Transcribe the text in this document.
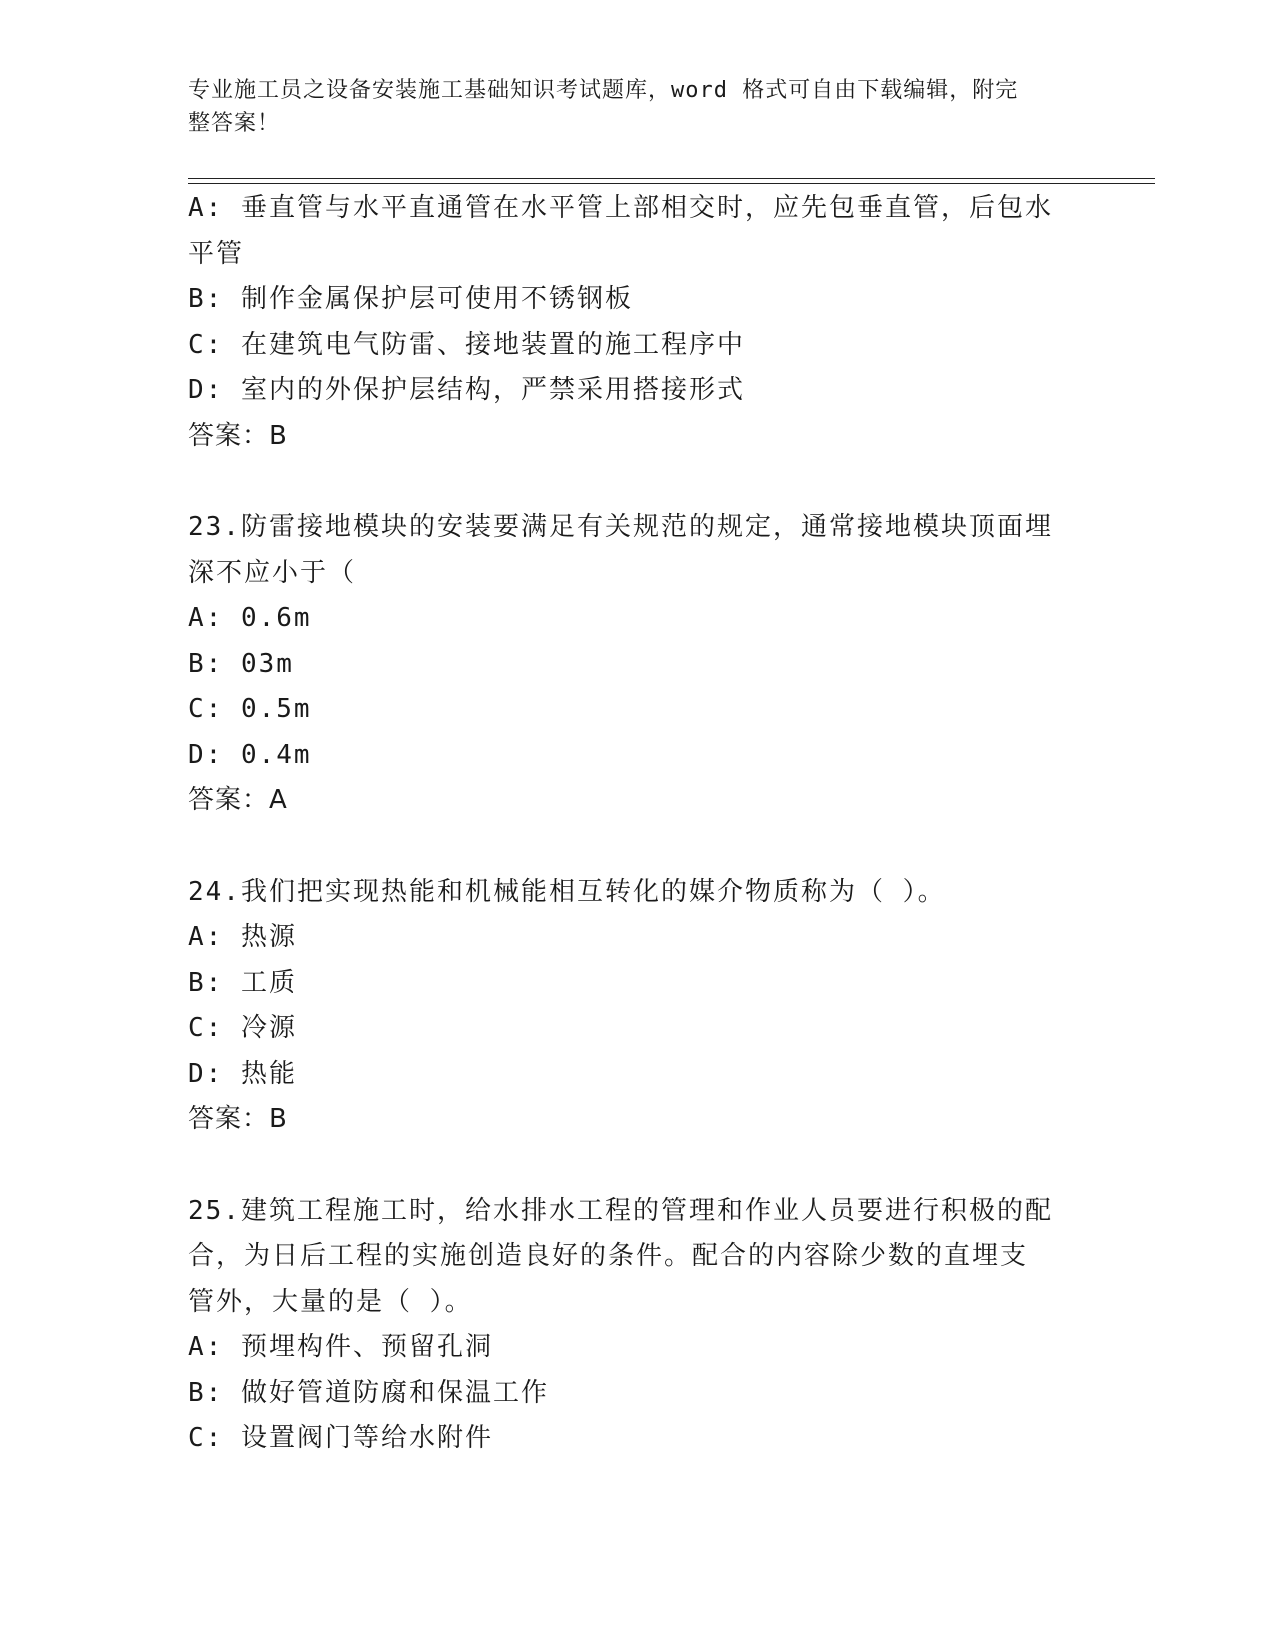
专业施工员之设备安装施工基础知识考试题库，word 格式可自由下载编辑，附完
整答案！

A: 垂直管与水平直通管在水平管上部相交时，应先包垂直管，后包水

平管

B: 制作金属保护层可使用不锈钢板

C: 在建筑电气防雷、接地装置的施工程序中

D: 室内的外保护层结构，严禁采用搭接形式

答案：B

23.防雷接地模块的安装要满足有关规范的规定，通常接地模块顶面埋

深不应小于（

A: 0.6m

B: 03m

C: 0.5m

D: 0.4m

答案：A

24.我们把实现热能和机械能相互转化的媒介物质称为（ ）。

A: 热源

B: 工质

C: 冷源

D: 热能

答案：B

25.建筑工程施工时，给水排水工程的管理和作业人员要进行积极的配

合，为日后工程的实施创造良好的条件。配合的内容除少数的直埋支

管外，大量的是（ ）。

A: 预埋构件、预留孔洞

B: 做好管道防腐和保温工作

C: 设置阀门等给水附件
